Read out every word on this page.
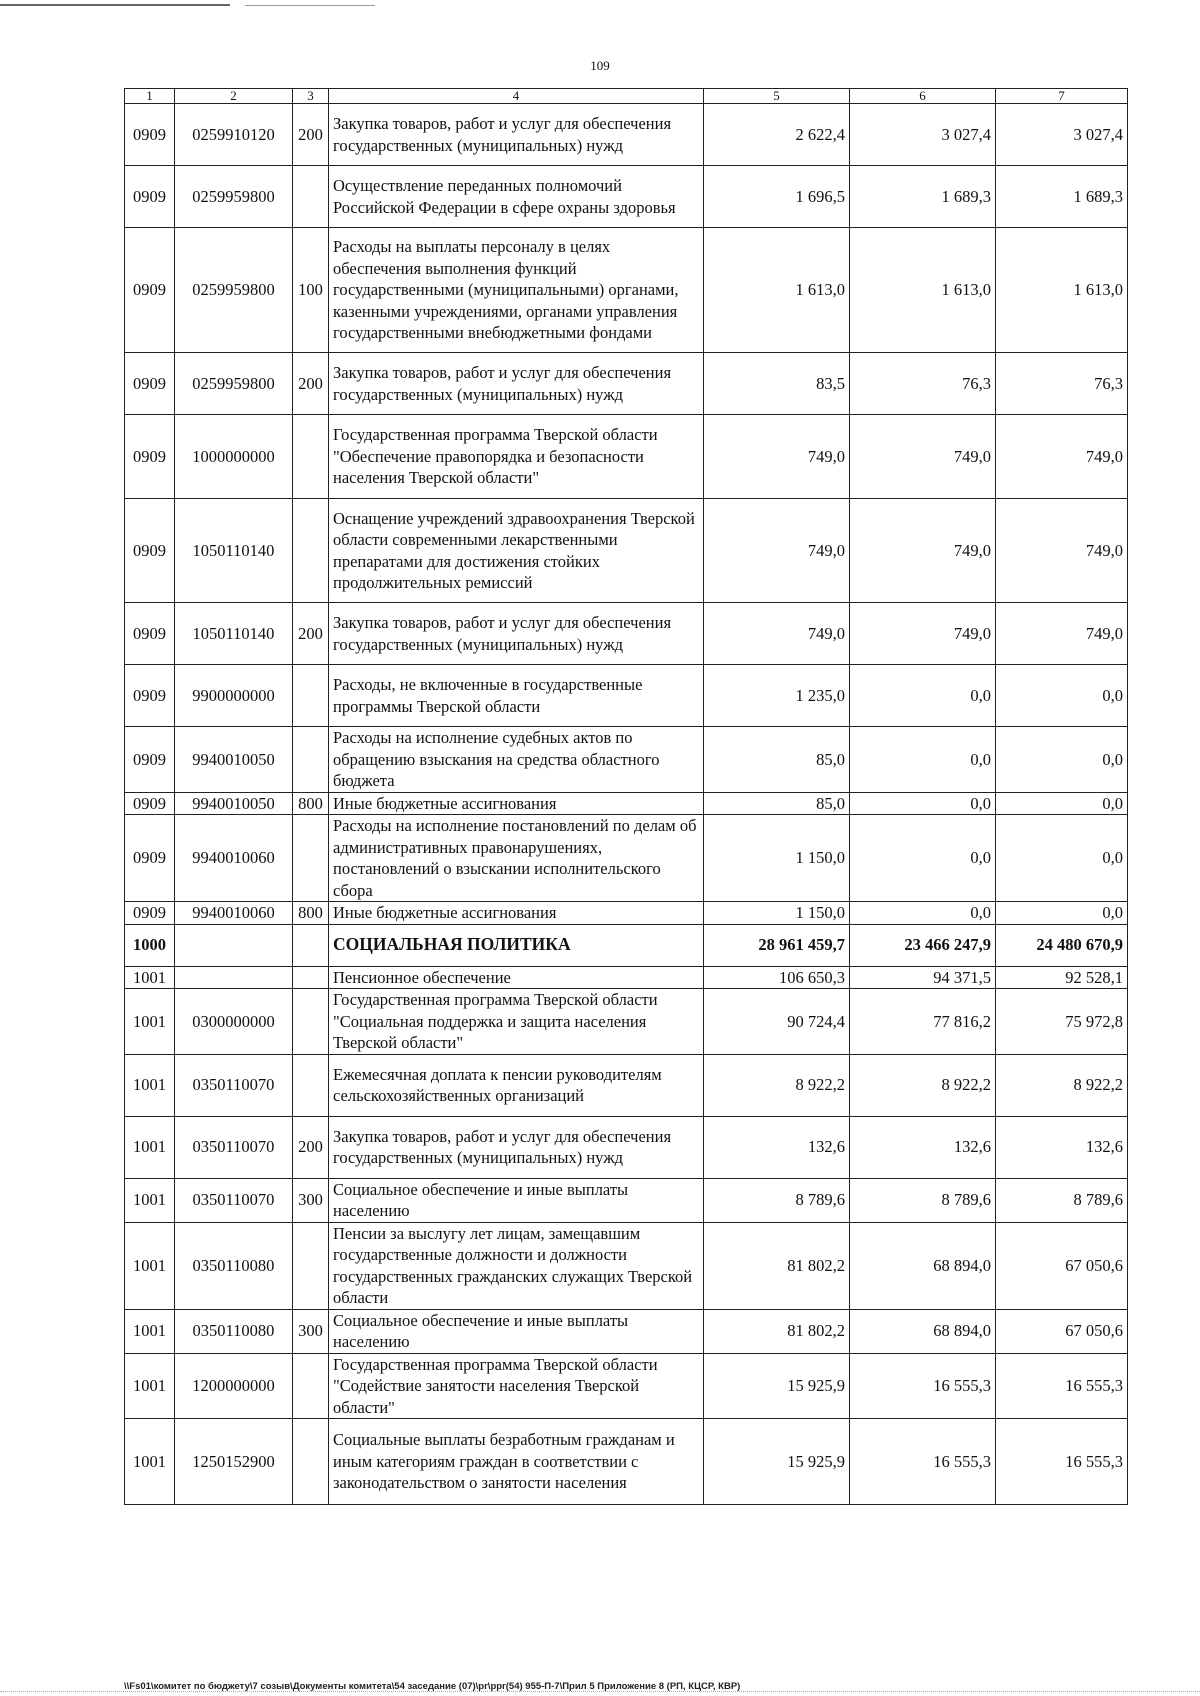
109
1	2	3	4	5	6	7
0909	0259910120	200	Закупка товаров, работ и услуг для обеспечения государственных (муниципальных) нужд	2 622,4	3 027,4	3 027,4
0909	0259959800		Осуществление переданных полномочий Российской Федерации в сфере охраны здоровья	1 696,5	1 689,3	1 689,3
0909	0259959800	100	Расходы на выплаты персоналу в целях обеспечения выполнения функций государственными (муниципальными) органами, казенными учреждениями, органами управления государственными внебюджетными фондами	1 613,0	1 613,0	1 613,0
0909	0259959800	200	Закупка товаров, работ и услуг для обеспечения государственных (муниципальных) нужд	83,5	76,3	76,3
0909	1000000000		Государственная программа Тверской области "Обеспечение правопорядка и безопасности населения Тверской области"	749,0	749,0	749,0
0909	1050110140		Оснащение учреждений здравоохранения Тверской области современными лекарственными препаратами для достижения стойких продолжительных ремиссий	749,0	749,0	749,0
0909	1050110140	200	Закупка товаров, работ и услуг для обеспечения государственных (муниципальных) нужд	749,0	749,0	749,0
0909	9900000000		Расходы, не включенные в государственные программы Тверской области	1 235,0	0,0	0,0
0909	9940010050		Расходы на исполнение судебных актов по обращению взыскания на средства областного бюджета	85,0	0,0	0,0
0909	9940010050	800	Иные бюджетные ассигнования	85,0	0,0	0,0
0909	9940010060		Расходы на исполнение постановлений по делам об административных правонарушениях, постановлений о взыскании исполнительского сбора	1 150,0	0,0	0,0
0909	9940010060	800	Иные бюджетные ассигнования	1 150,0	0,0	0,0
1000			СОЦИАЛЬНАЯ ПОЛИТИКА	28 961 459,7	23 466 247,9	24 480 670,9
1001			Пенсионное обеспечение	106 650,3	94 371,5	92 528,1
1001	0300000000		Государственная программа Тверской области "Социальная поддержка и защита населения Тверской области"	90 724,4	77 816,2	75 972,8
1001	0350110070		Ежемесячная доплата к пенсии руководителям сельскохозяйственных организаций	8 922,2	8 922,2	8 922,2
1001	0350110070	200	Закупка товаров, работ и услуг для обеспечения государственных (муниципальных) нужд	132,6	132,6	132,6
1001	0350110070	300	Социальное обеспечение и иные выплаты населению	8 789,6	8 789,6	8 789,6
1001	0350110080		Пенсии за выслугу лет лицам, замещавшим государственные должности и должности государственных гражданских служащих Тверской области	81 802,2	68 894,0	67 050,6
1001	0350110080	300	Социальное обеспечение и иные выплаты населению	81 802,2	68 894,0	67 050,6
1001	1200000000		Государственная программа Тверской области "Содействие занятости населения Тверской области"	15 925,9	16 555,3	16 555,3
1001	1250152900		Социальные выплаты безработным гражданам и иным категориям граждан в соответствии с законодательством о занятости населения	15 925,9	16 555,3	16 555,3
\\Fs01\комитет по бюджету\7 созыв\Документы комитета\54 заседание (07)\pr\ppr(54) 955-П-7\Прил 5 Приложение 8 (РП, КЦСР, КВР)
